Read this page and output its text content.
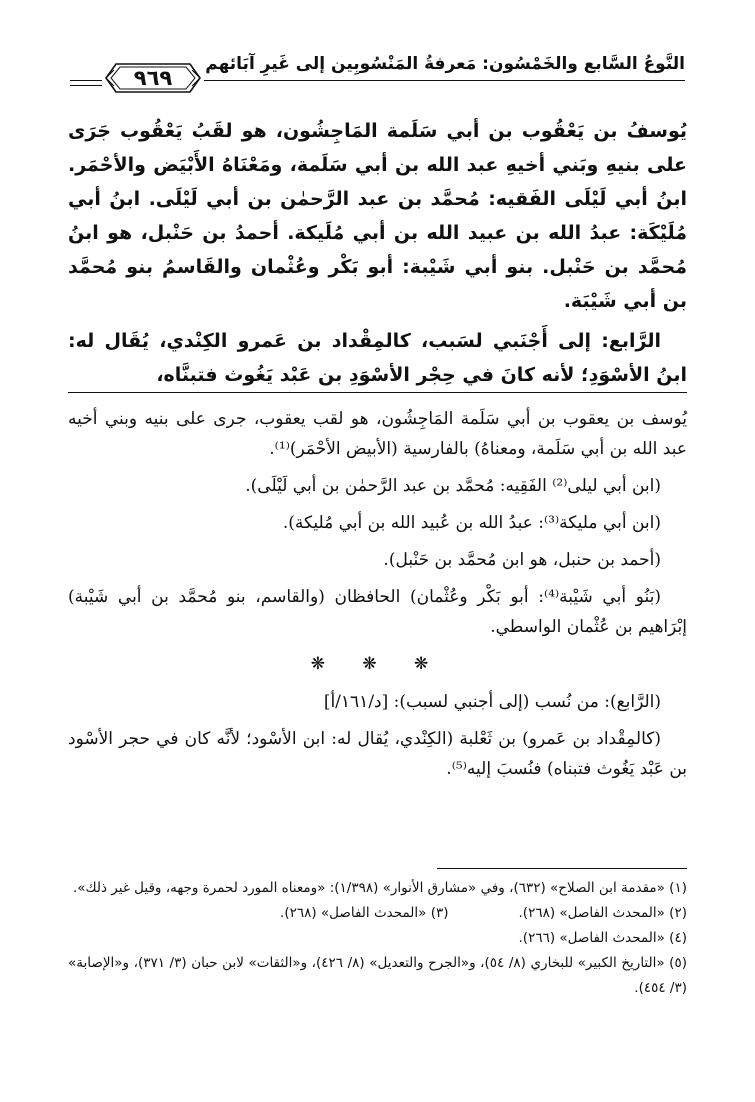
٩٦٩
النَّوعُ السَّابع والخَمْسُون: مَعرفةُ المَنْسُوبِين إلى غَيرِ آبَائهم

يُوسفُ بن يَعْقُوب بن أبي سَلَمة المَاجِشُون، هو لقَبُ يَعْقُوب جَرَى على بنيهِ وبَني أخيهِ عبد الله بن أبي سَلَمة، ومَعْنَاهُ الأَبْيَض والأحْمَر. ابنُ أبي لَيْلَى الفَقيه: مُحمَّد بن عبد الرَّحمٰن بن أبي لَيْلَى. ابنُ أبي مُلَيْكَة: عبدُ الله بن عبيد الله بن أبي مُلَيكة. أحمدُ بن حَنْبل، هو ابنُ مُحمَّد بن حَنْبل. بنو أبي شَيْبة: أبو بَكْر وعُثْمان والقَاسمُ بنو مُحمَّد بن أبي شَيْبَة.

الرَّابع: إلى أَجْنَبي لسَبب، كالمِقْداد بن عَمرو الكِنْدي، يُقَال له: ابنُ الأسْوَدِ؛ لأنه كانَ في حِجْر الأسْوَدِ بن عَبْد يَغُوث فتبنَّاه،

يُوسف بن يعقوب بن أبي سَلَمة المَاجِشُون، هو لقب يعقوب، جرى على بنيه وبني أخيه عبد الله بن أبي سَلَمة، ومعناهُ) بالفارسية (الأبيض الأحْمَر)⁽¹⁾.

(ابن أبي ليلى⁽²⁾ الفَقِيه: مُحمَّد بن عبد الرَّحمٰن بن أبي لَيْلَى).

(ابن أبي مليكة⁽³⁾: عبدُ الله بن عُبيد الله بن أبي مُليكة).

(أحمد بن حنبل، هو ابن مُحمَّد بن حَنْبل).

(بَنُو أبي شَيْبة⁽⁴⁾: أبو بَكْر وعُثْمان) الحافظان (والقاسم، بنو مُحمَّد بن أبي شَيْبة) إبْرَاهيم بن عُثْمان الواسطي.

❋ ❋ ❋

(الرَّابع): من نُسب (إلى أجنبي لسبب): [د/١٦١/أ]

(كالمِقْداد بن عَمرو) بن ثَعْلبة (الكِنْدي، يُقال له: ابن الأسْود؛ لأنَّه كان في حجر الأسْود بن عَبْد يَغُوث فتبناه) فنُسبَ إليه⁽⁵⁾.

(١) «مقدمة ابن الصلاح» (٦٣٢)، وفي «مشارق الأنوار» (١/٣٩٨): «ومعناه المورد لحمرة وجهه، وقيل غير ذلك».

(٢) «المحدث الفاصل» (٢٦٨).
(٣) «المحدث الفاصل» (٢٦٨).

(٤) «المحدث الفاصل» (٢٦٦).

(٥) «التاريخ الكبير» للبخاري (٨/ ٥٤)، و«الجرح والتعديل» (٨/ ٤٢٦)، و«الثقات» لابن حبان (٣/ ٣٧١)، و«الإصابة» (٣/ ٤٥٤).
